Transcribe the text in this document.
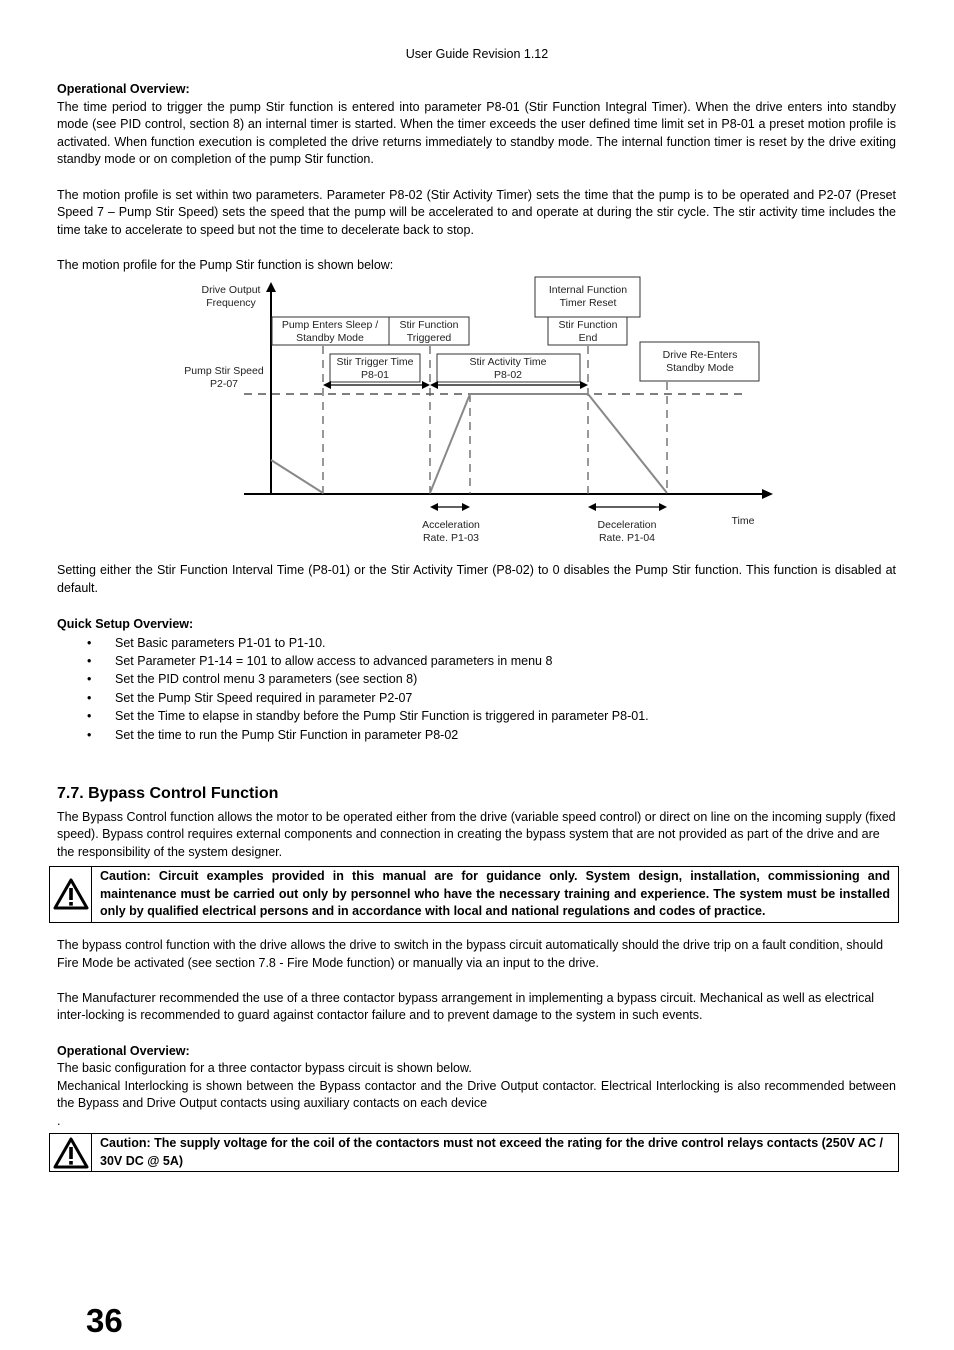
User Guide Revision 1.12

Operational Overview:

The time period to trigger the pump Stir function is entered into parameter P8-01 (Stir Function Integral Timer). When the drive enters into standby mode (see PID control, section 8) an internal timer is started. When the timer exceeds the user defined time limit set in P8-01 a preset motion profile is activated. When function execution is completed the drive returns immediately to standby mode. The internal function timer is reset by the drive exiting standby mode or on completion of the pump Stir function.

The motion profile is set within two parameters. Parameter P8-02 (Stir Activity Timer) sets the time that the pump is to be operated and P2-07 (Preset Speed 7 – Pump Stir Speed) sets the speed that the pump will be accelerated to and operate at during the stir cycle. The stir activity time includes the time take to accelerate to speed but not the time to decelerate back to stop.

The motion profile for the Pump Stir function is shown below:

Drive Output
Frequency
Pump Stir Speed
P2-07
Pump Enters Sleep /
Standby Mode
Stir Function
Triggered
Internal Function
Timer Reset
Stir Function
End
Drive Re-Enters
Standby Mode
Stir Trigger Time
P8-01
Stir Activity Time
P8-02
Acceleration
Rate. P1-03
Deceleration
Rate. P1-04
Time

Setting either the Stir Function Interval Time (P8-01) or the Stir Activity Timer (P8-02) to 0 disables the Pump Stir function. This function is disabled at default.

Quick Setup Overview:

• Set Basic parameters P1-01 to P1-10.
• Set Parameter P1-14 = 101 to allow access to advanced parameters in menu 8
• Set the PID control menu 3 parameters (see section 8)
• Set the Pump Stir Speed required in parameter P2-07
• Set the Time to elapse in standby before the Pump Stir Function is triggered in parameter P8-01.
• Set the time to run the Pump Stir Function in parameter P8-02

7.7. Bypass Control Function

The Bypass Control function allows the motor to be operated either from the drive (variable speed control) or direct on line on the incoming supply (fixed speed). Bypass control requires external components and connection in creating the bypass system that are not provided as part of the drive and are the responsibility of the system designer.

Caution: Circuit examples provided in this manual are for guidance only. System design, installation, commissioning and maintenance must be carried out only by personnel who have the necessary training and experience. The system must be installed only by qualified electrical persons and in accordance with local and national regulations and codes of practice.

The bypass control function with the drive allows the drive to switch in the bypass circuit automatically should the drive trip on a fault condition, should Fire Mode be activated (see section 7.8 - Fire Mode function) or manually via an input to the drive.

The Manufacturer recommended the use of a three contactor bypass arrangement in implementing a bypass circuit. Mechanical as well as electrical inter-locking is recommended to guard against contactor failure and to prevent damage to the system in such events.

Operational Overview:

The basic configuration for a three contactor bypass circuit is shown below.

Mechanical Interlocking is shown between the Bypass contactor and the Drive Output contactor. Electrical Interlocking is also recommended between the Bypass and Drive Output contacts using auxiliary contacts on each device

.

Caution: The supply voltage for the coil of the contactors must not exceed the rating for the drive control relays contacts (250V AC / 30V DC @ 5A)
36
